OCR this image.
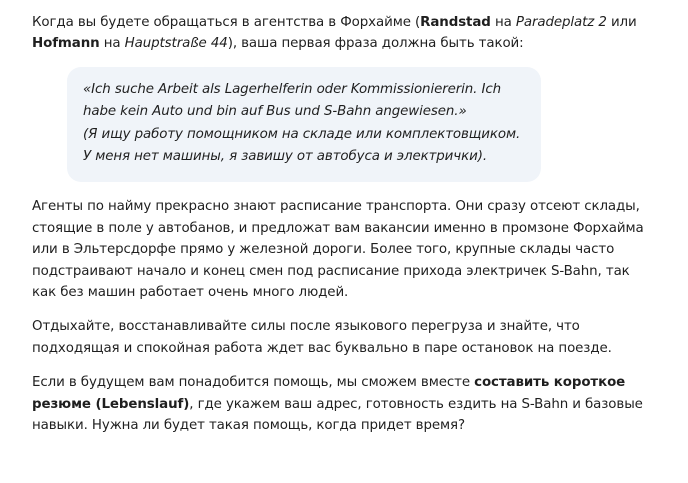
Когда вы будете обращаться в агентства в Форхайме (Randstad на Paradeplatz 2 или
Hofmann на Hauptstraße 44), ваша первая фраза должна быть такой:

«Ich suche Arbeit als Lagerhelferin oder Kommissioniererin. Ich habe kein Auto und bin auf Bus und S-Bahn angewiesen.»

(Я ищу работу помощником на складе или комплектовщиком. У меня нет машины, я завишу от автобуса и электрички).

Агенты по найму прекрасно знают расписание транспорта. Они сразу отсеют склады, стоящие в поле у автобанов, и предложат вам вакансии именно в промзоне Форхайма или в Эльтерсдорфе прямо у железной дороги. Более того, крупные склады часто подстраивают начало и конец смен под расписание прихода электричек S-Bahn, так как без машин работает очень много людей.

Отдыхайте, восстанавливайте силы после языкового перегруза и знайте, что подходящая и спокойная работа ждет вас буквально в паре остановок на поезде.

Если в будущем вам понадобится помощь, мы сможем вместе составить короткое резюме (Lebenslauf), где укажем ваш адрес, готовность ездить на S-Bahn и базовые навыки. Нужна ли будет такая помощь, когда придет время?
